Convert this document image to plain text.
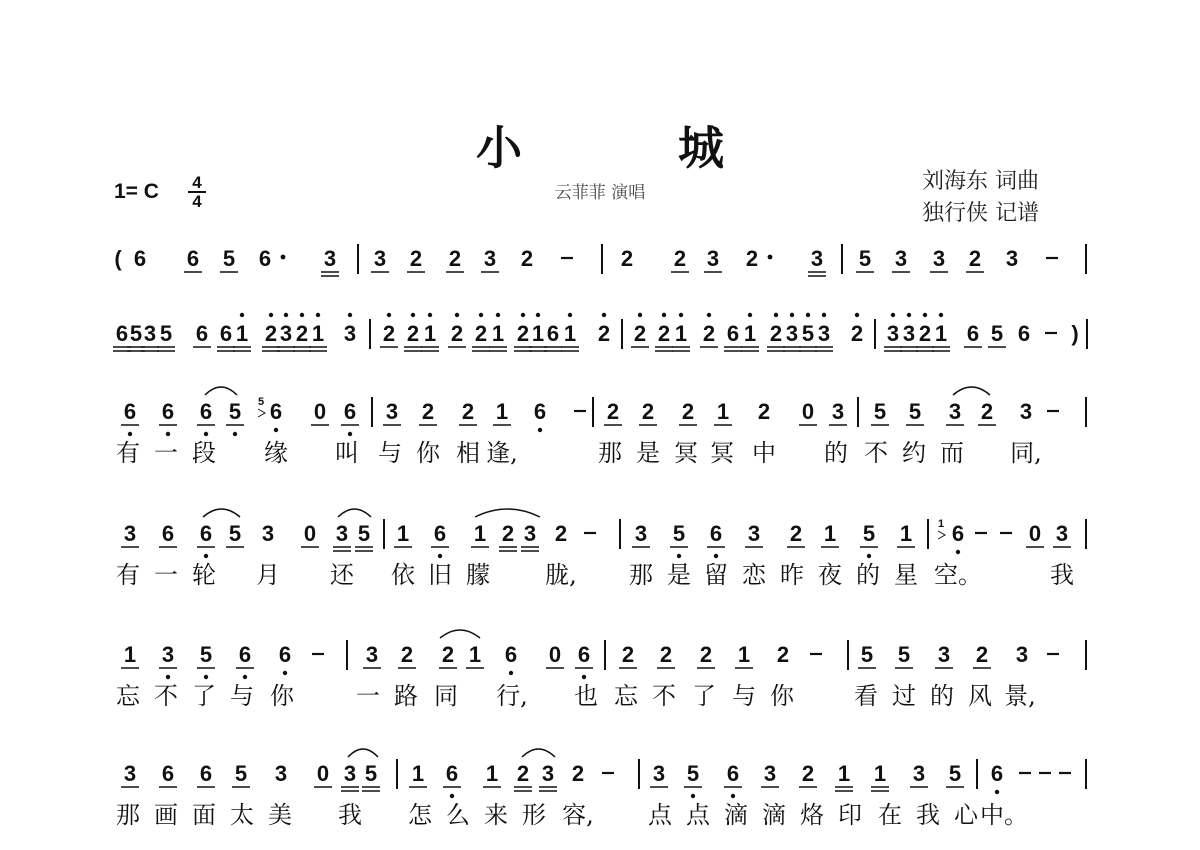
小 城
云菲菲 演唱	刘海东 词曲
独行侠 记谱
1= C	4
4
( 6 6 5 6 3 3 2 2 3 2	2 2 3 2 3 5 3 3 2 3
6 5 3 5 6 6 1 2 3 2 1 3 2 2 1 2 2 1 2 1 6 1 2 2 2 1 2 6 1 2 3 5 3 2 3 3 2 1 6 5 6 )
6 6 6 5 6 0 6 3 2 2 1 6	2 2 2 1 2 0 3 5 5 3 2 3
5
有 一 段 缘 叫 与 你 相 逢,	那 是 冥 冥 中 的 不 约 而 同,
3 6 6 5 3 0 3 5 1 6 1 2 3 2	3 5 6 3 2 1 5 1 6	0 3
1
有 一 轮 月 还 依 旧 朦 胧, 那 是 留 恋 昨 夜 的 星 空。	我
1 3 5 6 6	3 2 2 1 6 0 6 2 2 2 1 2	5 5 3 2 3
忘 不 了 与 你	一 路 同 行, 也 忘 不 了 与 你	看 过 的 风 景,
3 6 6 5 3 0 3 5 1 6 1 2 3 2	3 5 6 3 2 1 1 3 5 6
那 画 面 太 美 我 怎 么 来 形 容, 点 点 滴 滴 烙 印 在 我 心 中。
